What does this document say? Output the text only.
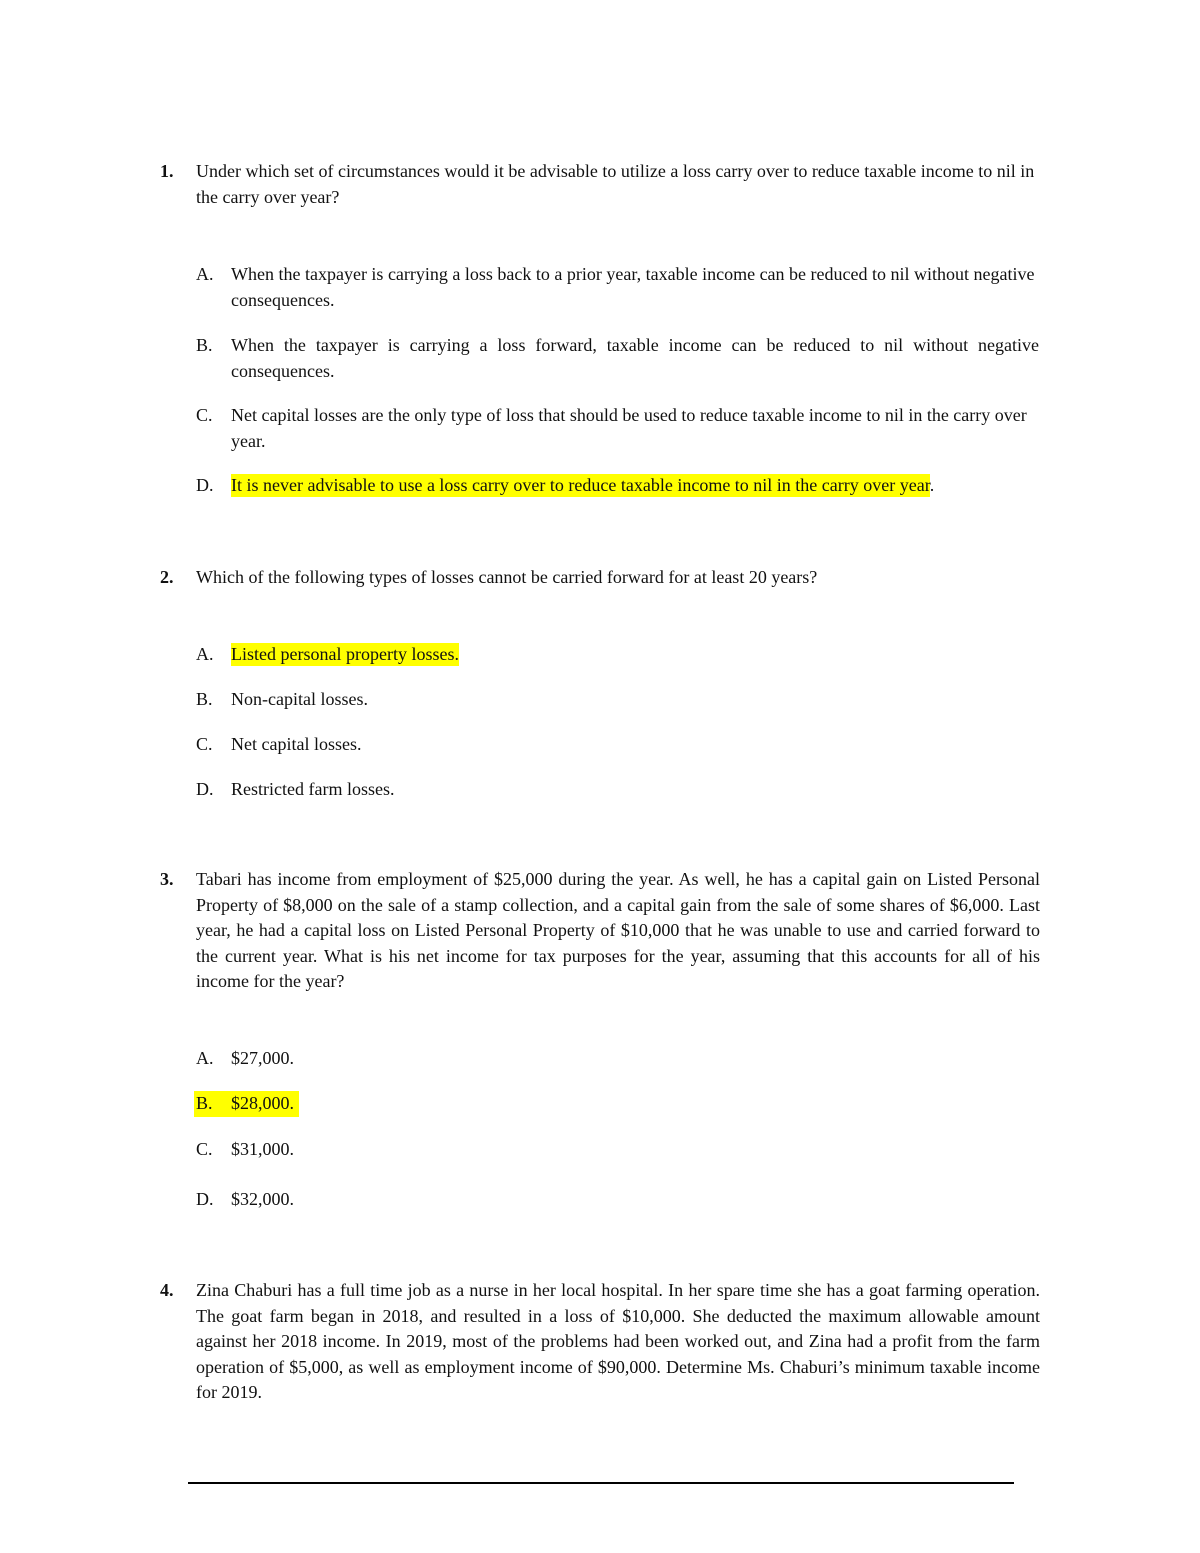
1. Under which set of circumstances would it be advisable to utilize a loss carry over to reduce taxable income to nil in the carry over year?
A. When the taxpayer is carrying a loss back to a prior year, taxable income can be reduced to nil without negative consequences.
B. When the taxpayer is carrying a loss forward, taxable income can be reduced to nil without negative consequences.
C. Net capital losses are the only type of loss that should be used to reduce taxable income to nil in the carry over year.
D. It is never advisable to use a loss carry over to reduce taxable income to nil in the carry over year.
2. Which of the following types of losses cannot be carried forward for at least 20 years?
A. Listed personal property losses.
B. Non-capital losses.
C. Net capital losses.
D. Restricted farm losses.
3. Tabari has income from employment of $25,000 during the year. As well, he has a capital gain on Listed Personal Property of $8,000 on the sale of a stamp collection, and a capital gain from the sale of some shares of $6,000. Last year, he had a capital loss on Listed Personal Property of $10,000 that he was unable to use and carried forward to the current year. What is his net income for tax purposes for the year, assuming that this accounts for all of his income for the year?
A. $27,000.
B. $28,000.
C. $31,000.
D. $32,000.
4. Zina Chaburi has a full time job as a nurse in her local hospital. In her spare time she has a goat farming operation. The goat farm began in 2018, and resulted in a loss of $10,000. She deducted the maximum allowable amount against her 2018 income. In 2019, most of the problems had been worked out, and Zina had a profit from the farm operation of $5,000, as well as employment income of $90,000. Determine Ms. Chaburi’s minimum taxable income for 2019.
